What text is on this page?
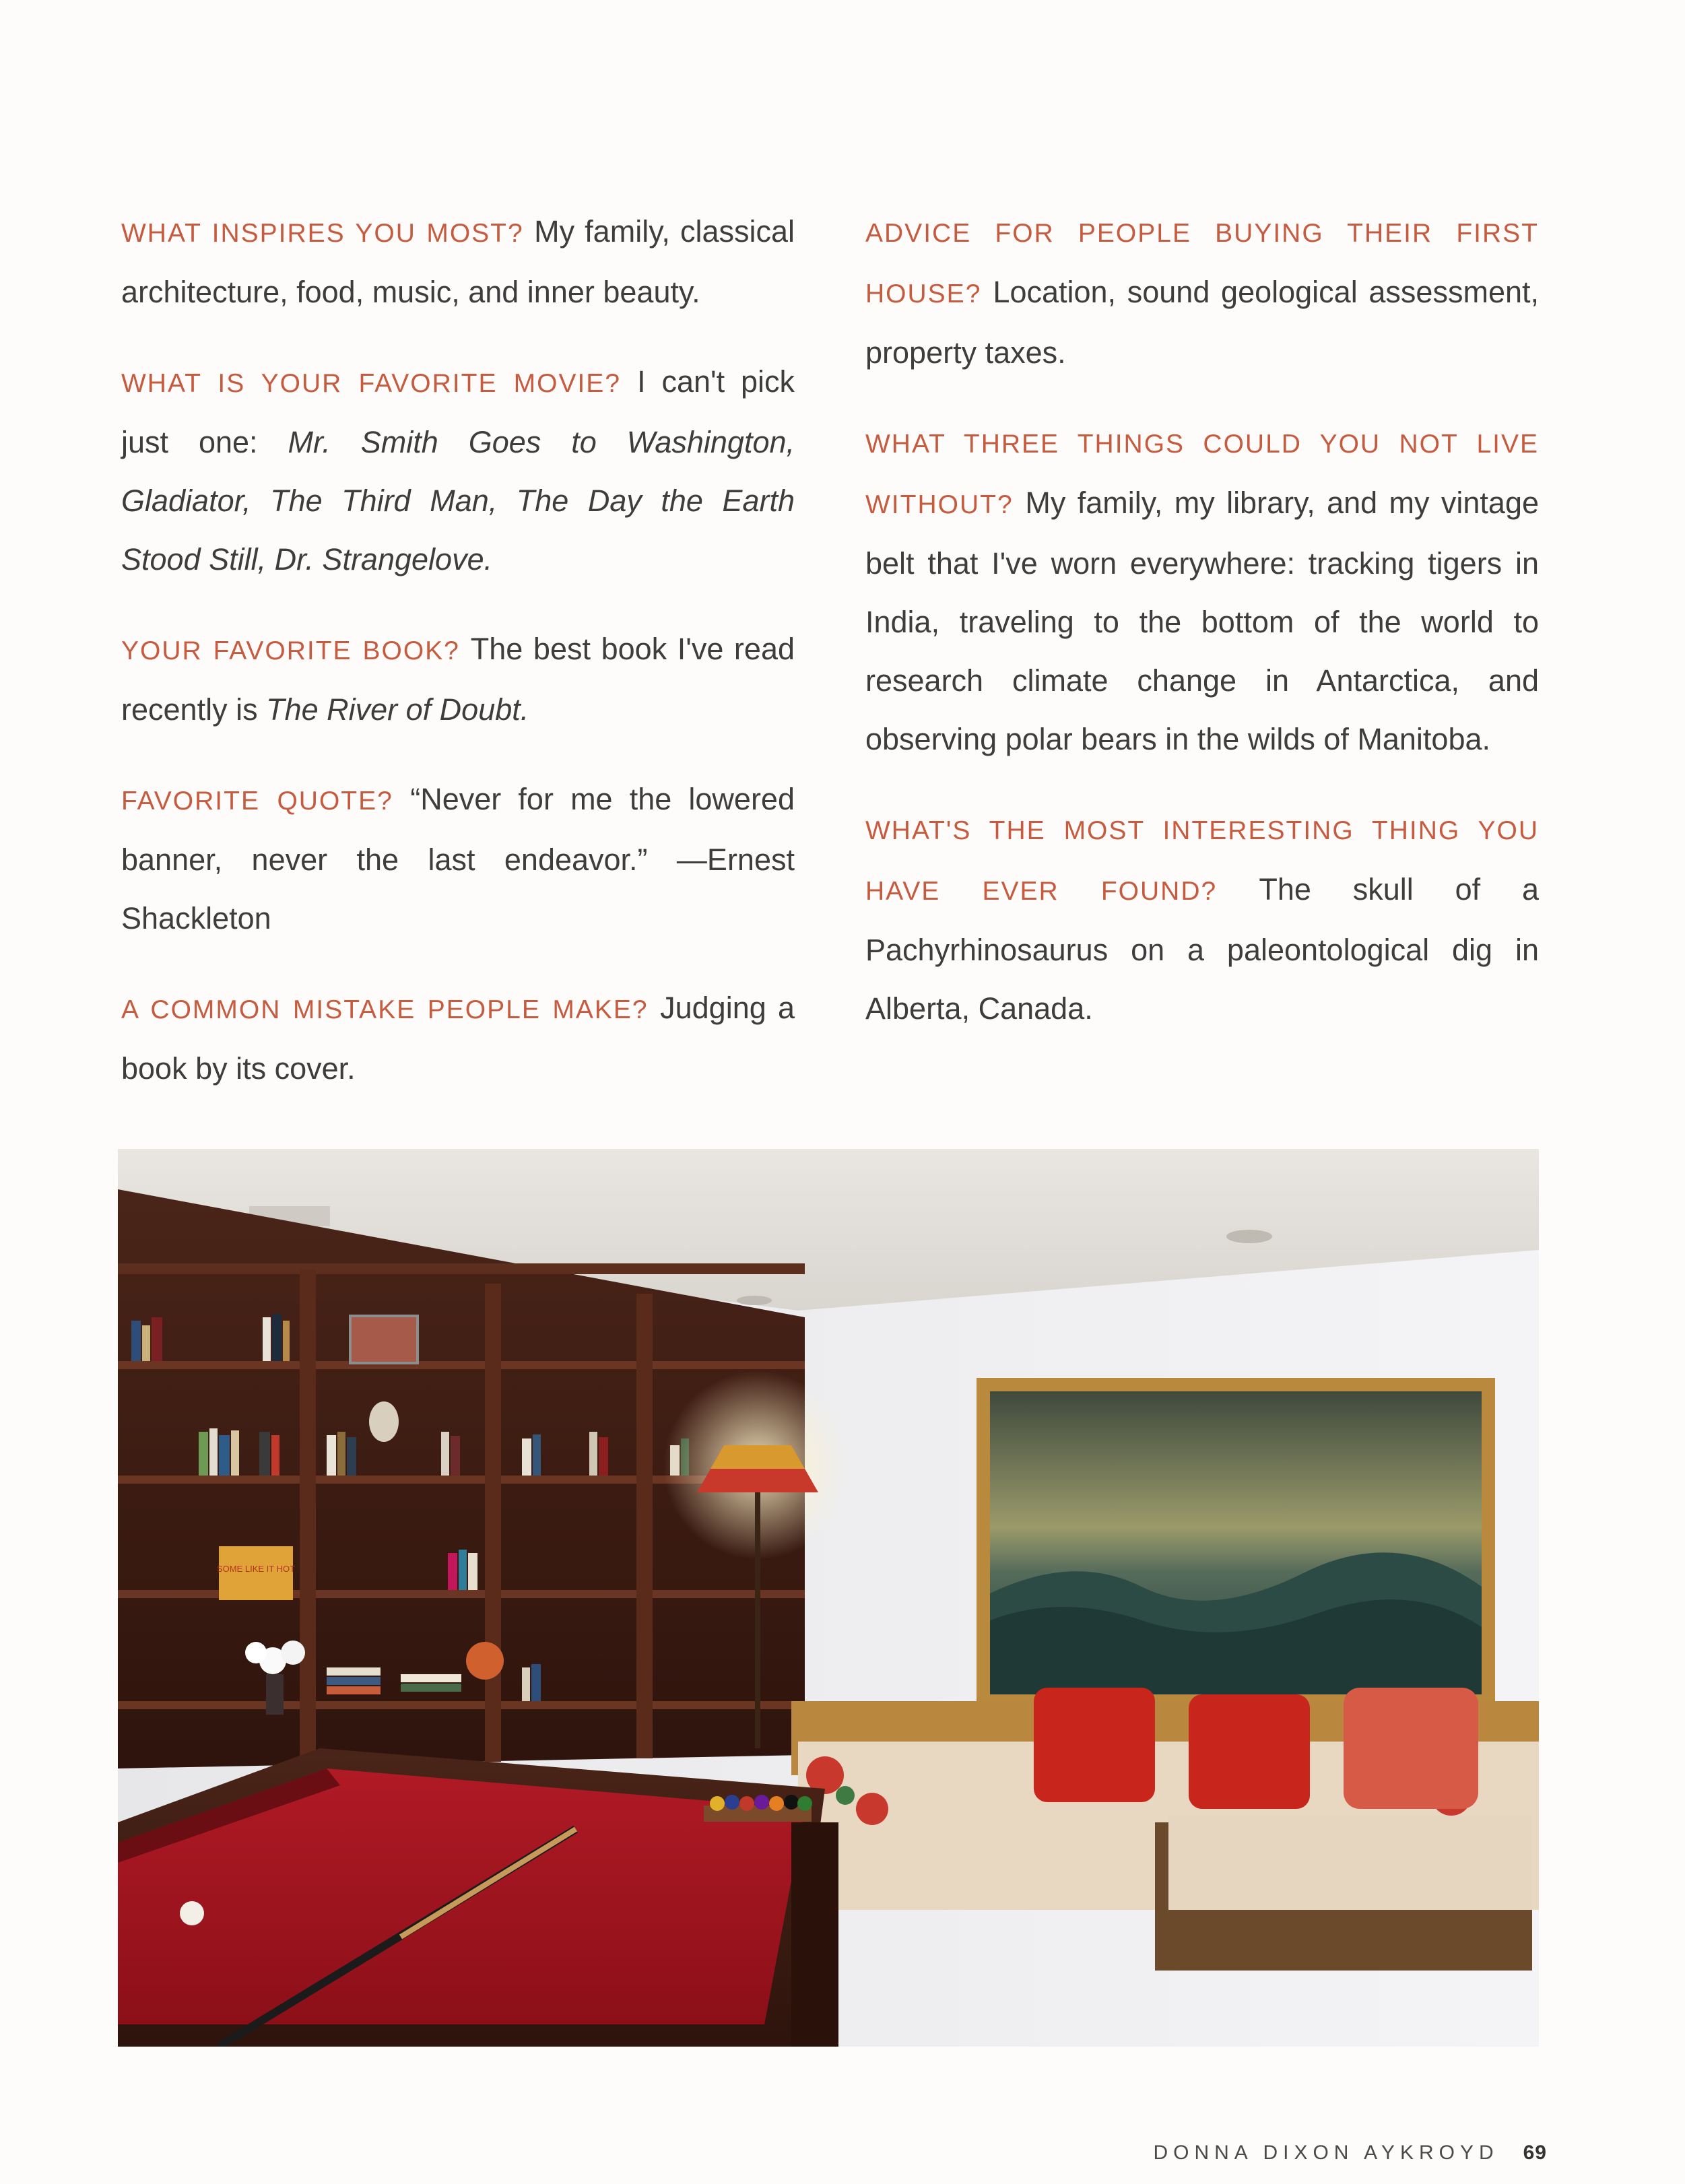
WHAT INSPIRES YOU MOST? My family, classical architecture, food, music, and inner beauty.

WHAT IS YOUR FAVORITE MOVIE? I can't pick just one: Mr. Smith Goes to Washington, Gladiator, The Third Man, The Day the Earth Stood Still, Dr. Strangelove.

YOUR FAVORITE BOOK? The best book I've read recently is The River of Doubt.

FAVORITE QUOTE? “Never for me the lowered banner, never the last endeavor.” —Ernest Shackleton

A COMMON MISTAKE PEOPLE MAKE? Judging a book by its cover.

ADVICE FOR PEOPLE BUYING THEIR FIRST HOUSE? Location, sound geological assessment, property taxes.

WHAT THREE THINGS COULD YOU NOT LIVE WITHOUT? My family, my library, and my vintage belt that I've worn everywhere: tracking tigers in India, traveling to the bottom of the world to research climate change in Antarctica, and observing polar bears in the wilds of Manitoba.

WHAT'S THE MOST INTERESTING THING YOU HAVE EVER FOUND? The skull of a Pachyrhinosaurus on a paleontological dig in Alberta, Canada.

SOME LIKE IT HOT
DONNA DIXON AYKROYD 69
